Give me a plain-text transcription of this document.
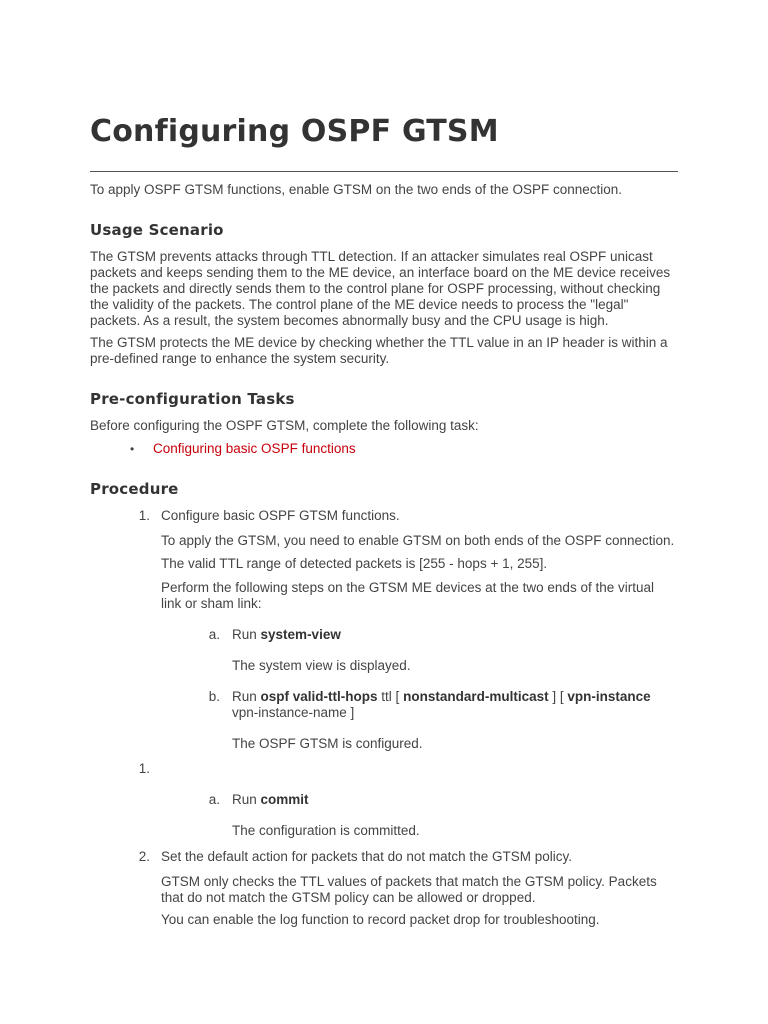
Configuring OSPF GTSM

To apply OSPF GTSM functions, enable GTSM on the two ends of the OSPF connection.

Usage Scenario

The GTSM prevents attacks through TTL detection. If an attacker simulates real OSPF unicast packets and keeps sending them to the ME device, an interface board on the ME device receives the packets and directly sends them to the control plane for OSPF processing, without checking the validity of the packets. The control plane of the ME device needs to process the "legal" packets. As a result, the system becomes abnormally busy and the CPU usage is high.

The GTSM protects the ME device by checking whether the TTL value in an IP header is within a pre-defined range to enhance the system security.

Pre-configuration Tasks

Before configuring the OSPF GTSM, complete the following task:

• Configuring basic OSPF functions

Procedure
1. Configure basic OSPF GTSM functions.

To apply the GTSM, you need to enable GTSM on both ends of the OSPF connection.

The valid TTL range of detected packets is [255 - hops + 1, 255].

Perform the following steps on the GTSM ME devices at the two ends of the virtual link or sham link:

a. Run system-view

The system view is displayed.

b. Run ospf valid-ttl-hops ttl [ nonstandard-multicast ] [ vpn-instance vpn-instance-name ]

The OSPF GTSM is configured.

1.
a. Run commit

The configuration is committed.

2. Set the default action for packets that do not match the GTSM policy.

GTSM only checks the TTL values of packets that match the GTSM policy. Packets that do not match the GTSM policy can be allowed or dropped.

You can enable the log function to record packet drop for troubleshooting.
